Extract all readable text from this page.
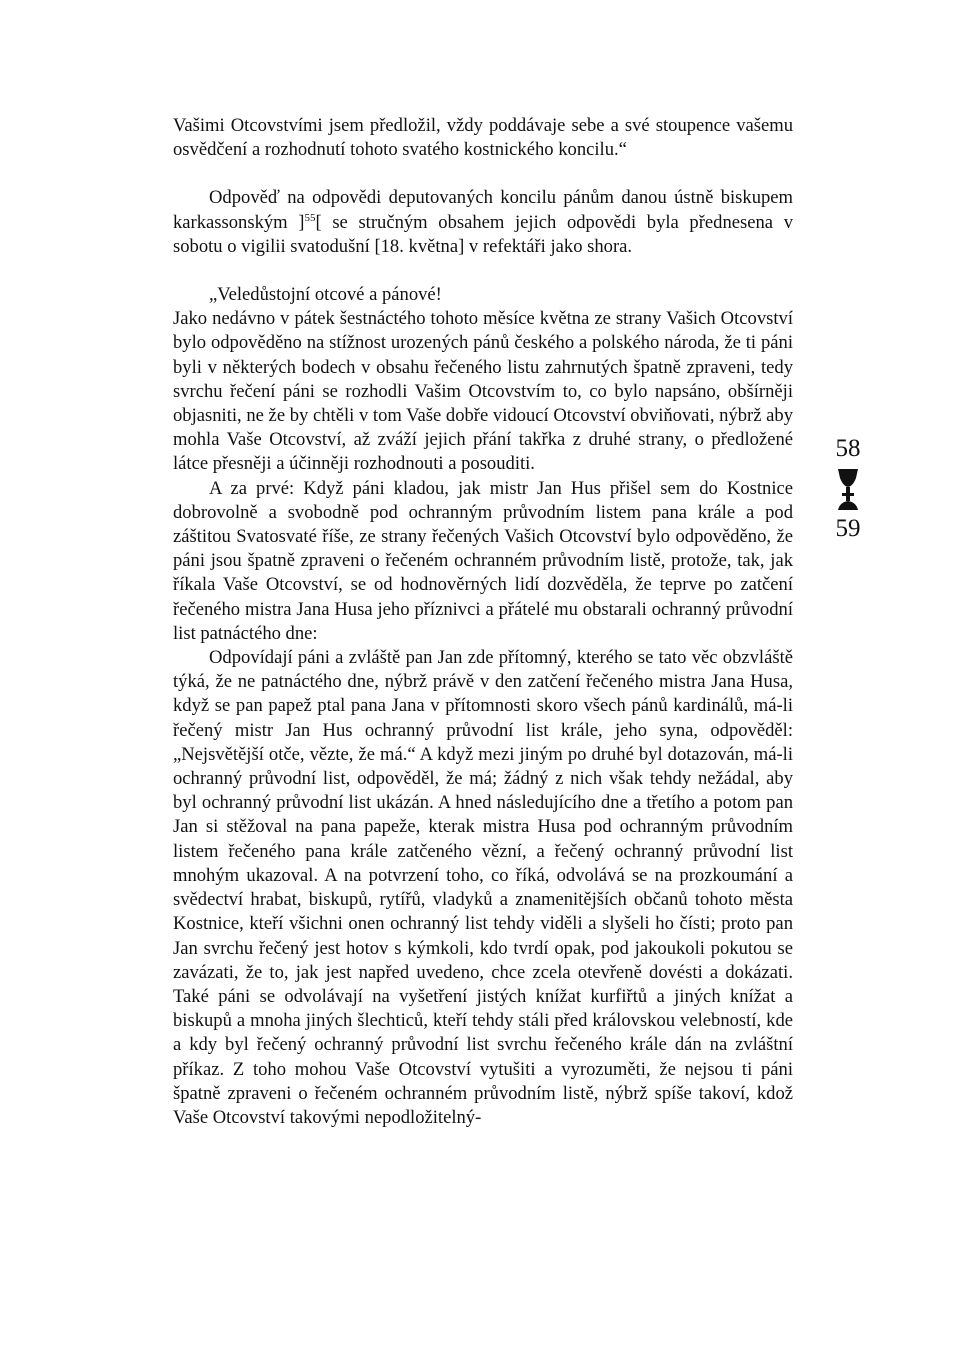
Vašimi Otcovstvími jsem předložil, vždy poddávaje sebe a své stoupence vašemu osvědčení a rozhodnutí tohoto svatého kostnického koncilu.“

Odpověď na odpovědi deputovaných koncilu pánům danou ústně biskupem karkassonským ]$^{55}$[ se stručným obsahem jejich odpovědi byla přednesena v sobotu o vigilii svatodušní [18. května] v refektáři jako shora.

„Veledůstojní otcové a pánové!

Jako nedávno v pátek šestnáctého tohoto měsíce května ze strany Vašich Otcovství bylo odpověděno na stížnost urozených pánů českého a polského národa, že ti páni byli v některých bodech v obsahu řečeného listu zahrnutých špatně zpraveni, tedy svrchu řečení páni se rozhodli Vašim Otcovstvím to, co bylo napsáno, obšírněji objasniti, ne že by chtěli v tom Vaše dobře vidoucí Otcovství obviňovati, nýbrž aby mohla Vaše Otcovství, až zváží jejich přání takřka z druhé strany, o předložené látce přesněji a účinněji rozhodnouti a posouditi.

A za prvé: Když páni kladou, jak mistr Jan Hus přišel sem do Kostnice dobrovolně a svobodně pod ochranným průvodním listem pana krále a pod záštitou Svatosvaté říše, ze strany řečených Vašich Otcovství bylo odpověděno, že páni jsou špatně zpraveni o řečeném ochranném průvodním listě, protože, tak, jak říkala Vaše Otcovství, se od hodnověrných lidí dozvěděla, že teprve po zatčení řečeného mistra Jana Husa jeho příznivci a přátelé mu obstarali ochranný průvodní list patnáctého dne:

Odpovídají páni a zvláště pan Jan zde přítomný, kterého se tato věc obzvláště týká, že ne patnáctého dne, nýbrž právě v den zatčení řečeného mistra Jana Husa, když se pan papež ptal pana Jana v přítomnosti skoro všech pánů kardinálů, má-li řečený mistr Jan Hus ochranný průvodní list krále, jeho syna, odpověděl: „Nejsvětější otče, vězte, že má.“ A když mezi jiným po druhé byl dotazován, má-li ochranný průvodní list, odpověděl, že má; žádný z nich však tehdy nežádal, aby byl ochranný průvodní list ukázán. A hned následujícího dne a třetího a potom pan Jan si stěžoval na pana papeže, kterak mistra Husa pod ochranným průvodním listem řečeného pana krále zatčeného vězní, a řečený ochranný průvodní list mnohým ukazoval. A na potvrzení toho, co říká, odvolává se na prozkoumání a svědectví hrabat, biskupů, rytířů, vladyků a znamenitějších občanů tohoto města Kostnice, kteří všichni onen ochranný list tehdy viděli a slyšeli ho čísti; proto pan Jan svrchu řečený jest hotov s kýmkoli, kdo tvrdí opak, pod jakoukoli pokutou se zavázati, že to, jak jest napřed uvedeno, chce zcela otevřeně dovésti a dokázati. Také páni se odvolávají na vyšetření jistých knížat kurfiřtů a jiných knížat a biskupů a mnoha jiných šlechticů, kteří tehdy stáli před královskou velebností, kde a kdy byl řečený ochranný průvodní list svrchu řečeného krále dán na zvláštní příkaz. Z toho mohou Vaše Otcovství vytušiti a vyrozuměti, že nejsou ti páni špatně zpraveni o řečeném ochranném průvodním listě, nýbrž spíše takoví, kdož Vaše Otcovství takovými nepodložitelný-

58
59
